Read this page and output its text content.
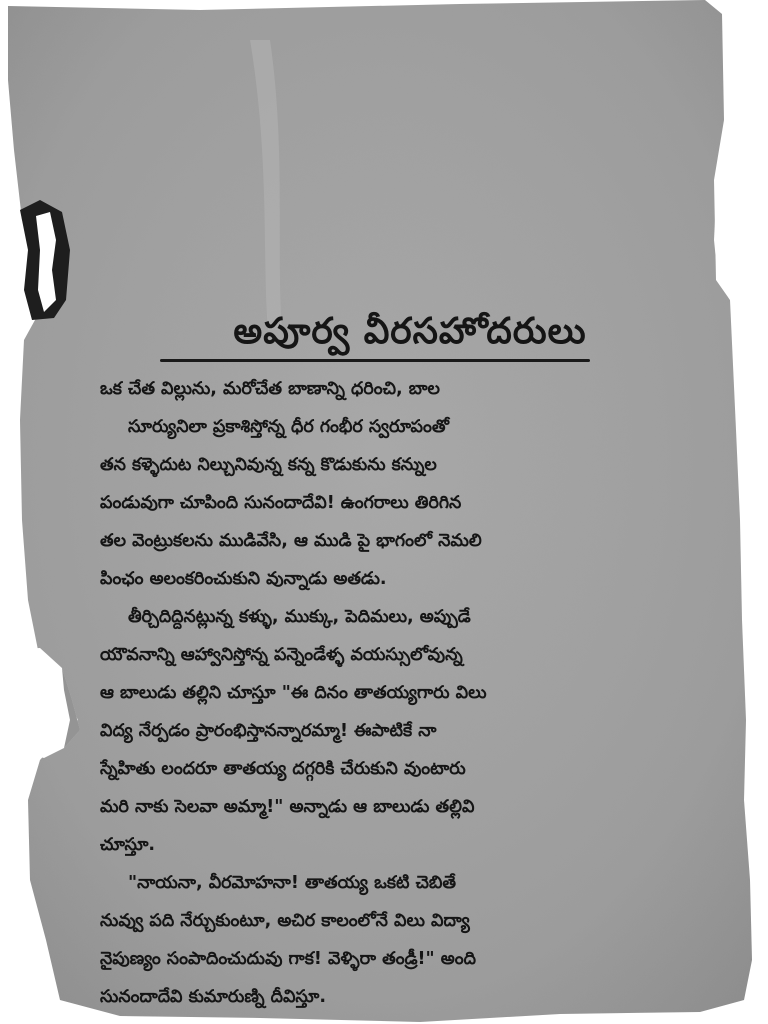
అపూర్వ వీరసహోదరులు
ఒక చేత విల్లును, మరోచేత బాణాన్ని ధరించి, బాల
సూర్యునిలా ప్రకాశిస్తోన్న ధీర గంభీర స్వరూపంతో
తన కళ్ళెదుట నిల్చునివున్న కన్న కొడుకును కన్నుల
పండువుగా చూపింది సునందాదేవి! ఉంగరాలు తిరిగిన
తల వెంట్రుకలను ముడివేసి, ఆ ముడి పై భాగంలో నెమలి
పింఛం అలంకరించుకుని వున్నాడు అతడు.
తీర్చిదిద్దినట్లున్న కళ్ళు, ముక్కు, పెదిమలు, అప్పుడే
యౌవనాన్ని ఆహ్వానిస్తోన్న పన్నెండేళ్ళ వయస్సులోవున్న
ఆ బాలుడు తల్లిని చూస్తూ "ఈ దినం తాతయ్యగారు విలు
విద్య నేర్పడం ప్రారంభిస్తానన్నారమ్మా! ఈపాటికే నా
స్నేహితు లందరూ తాతయ్య దగ్గరికి చేరుకుని వుంటారు
మరి నాకు సెలవా అమ్మా!" అన్నాడు ఆ బాలుడు తల్లివి
చూస్తూ.
"నాయనా, వీరమోహనా! తాతయ్య ఒకటి చెబితే
నువ్వు పది నేర్చుకుంటూ, అచిర కాలంలోనే విలు విద్యా
నైపుణ్యం సంపాదించుదువు గాక! వెళ్ళిరా తండ్రీ!" అంది
సునందాదేవి కుమారుణ్ని దీవిస్తూ.
